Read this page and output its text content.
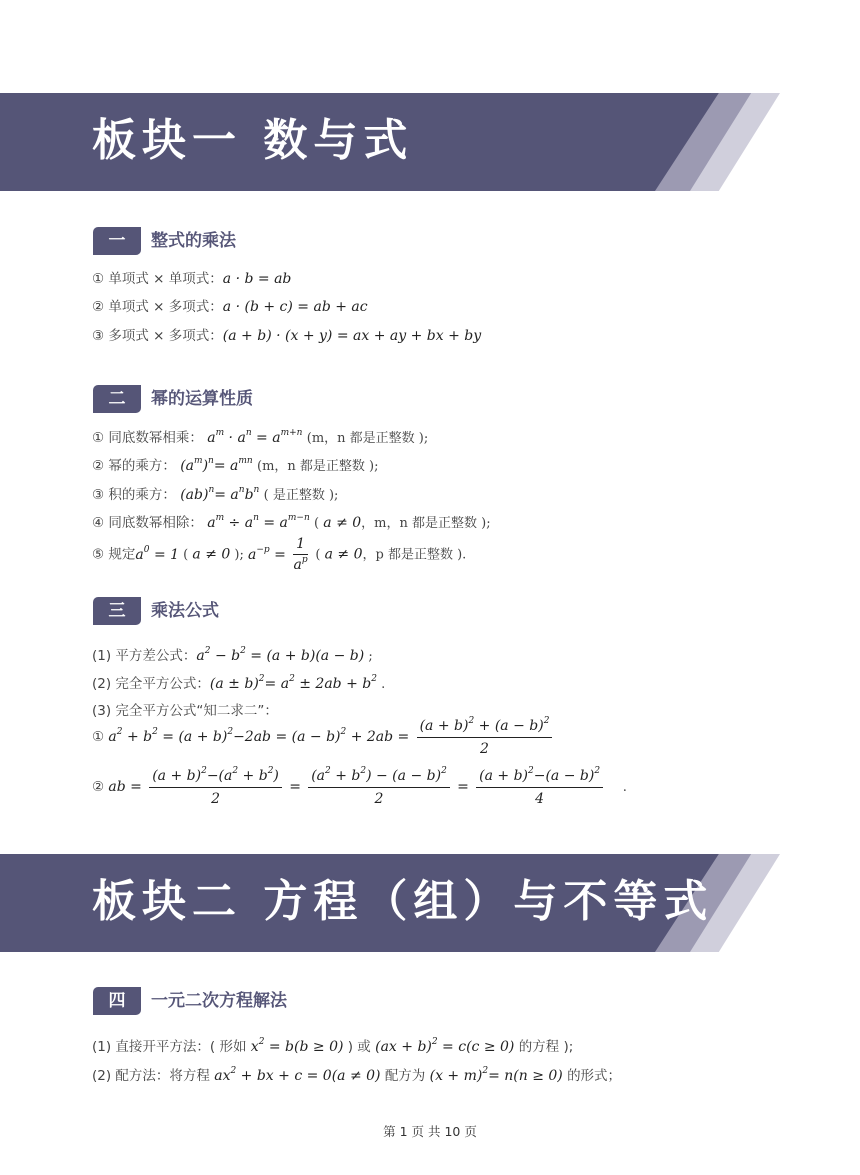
板块一 数与式
一	整式的乘法
① 单项式 × 单项式：a · b = ab
② 单项式 × 多项式：a · (b + c) = ab + ac
③ 多项式 × 多项式：(a + b) · (x + y) = ax + ay + bx + by
二	幂的运算性质
① 同底数幂相乘： $a^m \cdot a^n = a^{m+n}$ (m，n 都是正整数 );
② 幂的乘方： $(a^m)^n= a^{mn}$ (m，n 都是正整数 );
③ 积的乘方： $(ab)^n= a^nb^n$ ( 是正整数 );
④ 同底数幂相除： $a^m \div a^n = a^{m-n}$ ( a ≠ 0，m，n 都是正整数 );
⑤ 规定$a^0 = 1$ ( a ≠ 0 ); $a^{-p} = \frac{1}{a^p}$ ( a ≠ 0，p 都是正整数 ).
三	乘法公式
(1) 平方差公式：$a^2 - b^2 = (a + b)(a - b)$ ;
(2) 完全平方公式：$(a \pm b)^2= a^2 \pm 2ab + b^2$ .
(3) 完全平方公式“知二求二”：
① $a^2 + b^2 = (a + b)^2-2ab = (a - b)^2 + 2ab = \frac{(a + b)^2 + (a - b)^2}{2}$
② ab = $\frac{(a + b)^2-(a^2 + b^2)}{2} = \frac{(a^2 + b^2) - (a - b)^2}{2} = \frac{(a + b)^2-(a - b)^2}{4}$ .
板块二 方程（组）与不等式
四	一元二次方程解法
(1) 直接开平方法：( 形如 $x^2 = b(b \ge 0)$ ) 或 (ax + b)$^2$ = c(c ≥ 0) 的方程 );
(2) 配方法：将方程 $ax^2$ + bx + c = 0(a ≠ 0) 配方为 $(x + m)^2= n(n \ge 0)$ 的形式；
第 1 页 共 10 页
